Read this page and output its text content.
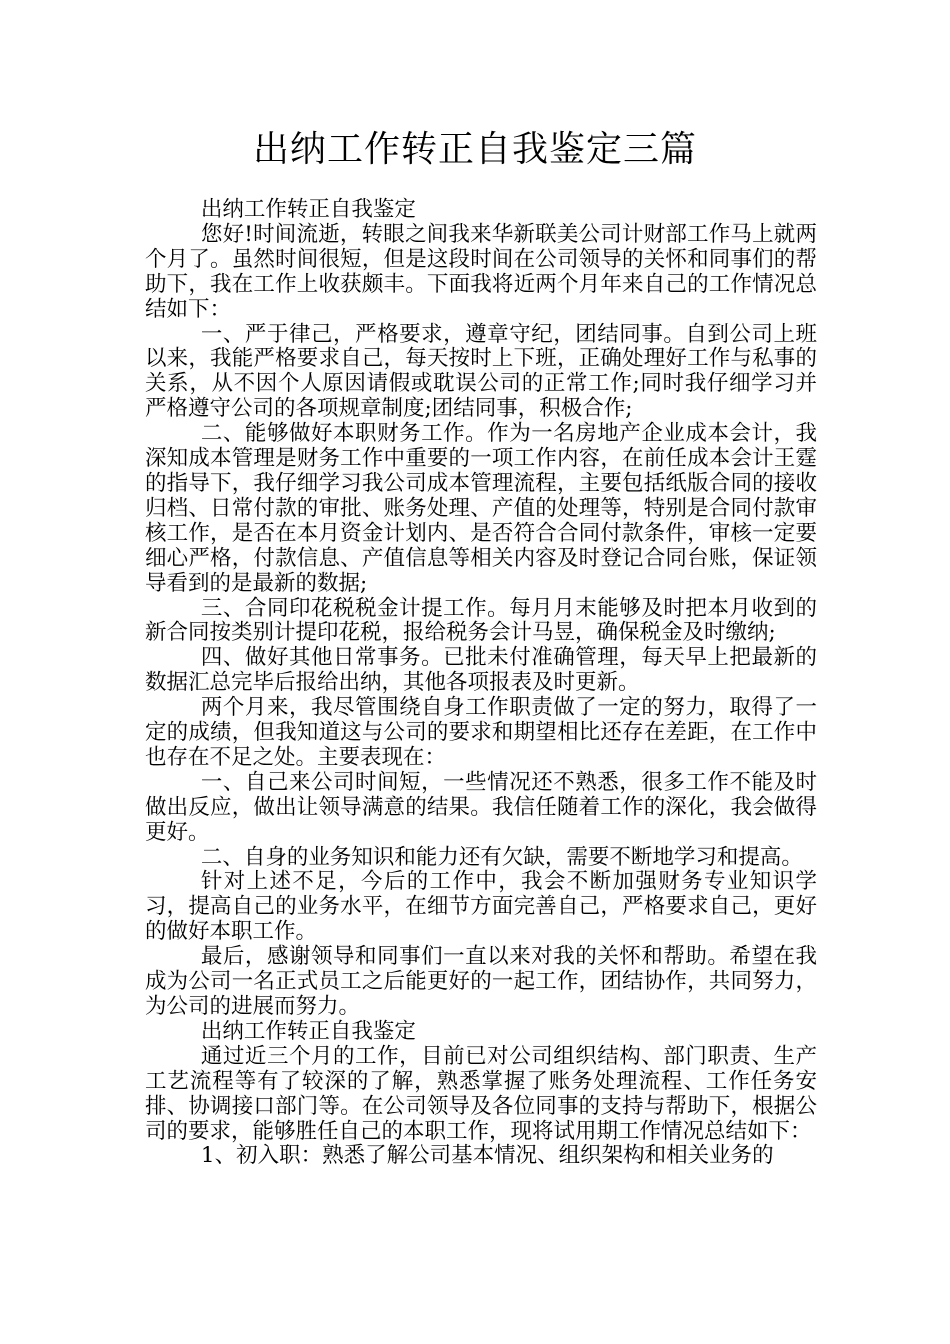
出纳工作转正自我鉴定三篇

出纳工作转正自我鉴定

您好!时间流逝，转眼之间我来华新联美公司计财部工作马上就两个月了。虽然时间很短，但是这段时间在公司领导的关怀和同事们的帮助下，我在工作上收获颇丰。下面我将近两个月年来自己的工作情况总结如下：

一、严于律己，严格要求，遵章守纪，团结同事。自到公司上班以来，我能严格要求自己，每天按时上下班，正确处理好工作与私事的关系，从不因个人原因请假或耽误公司的正常工作;同时我仔细学习并严格遵守公司的各项规章制度;团结同事，积极合作;

二、能够做好本职财务工作。作为一名房地产企业成本会计，我深知成本管理是财务工作中重要的一项工作内容，在前任成本会计王霆的指导下，我仔细学习我公司成本管理流程，主要包括纸版合同的接收归档、日常付款的审批、账务处理、产值的处理等，特别是合同付款审核工作，是否在本月资金计划内、是否符合合同付款条件，审核一定要细心严格，付款信息、产值信息等相关内容及时登记合同台账，保证领导看到的是最新的数据;

三、合同印花税税金计提工作。每月月末能够及时把本月收到的新合同按类别计提印花税，报给税务会计马昱，确保税金及时缴纳;

四、做好其他日常事务。已批未付准确管理，每天早上把最新的数据汇总完毕后报给出纳，其他各项报表及时更新。

两个月来，我尽管围绕自身工作职责做了一定的努力，取得了一定的成绩，但我知道这与公司的要求和期望相比还存在差距，在工作中也存在不足之处。主要表现在：

一、自己来公司时间短，一些情况还不熟悉，很多工作不能及时做出反应，做出让领导满意的结果。我信任随着工作的深化，我会做得更好。

二、自身的业务知识和能力还有欠缺，需要不断地学习和提高。

针对上述不足，今后的工作中，我会不断加强财务专业知识学习，提高自己的业务水平，在细节方面完善自己，严格要求自己，更好的做好本职工作。

最后，感谢领导和同事们一直以来对我的关怀和帮助。希望在我成为公司一名正式员工之后能更好的一起工作，团结协作，共同努力，为公司的进展而努力。

出纳工作转正自我鉴定

通过近三个月的工作，目前已对公司组织结构、部门职责、生产工艺流程等有了较深的了解，熟悉掌握了账务处理流程、工作任务安排、协调接口部门等。在公司领导及各位同事的支持与帮助下，根据公司的要求，能够胜任自己的本职工作，现将试用期工作情况总结如下：

1、初入职：熟悉了解公司基本情况、组织架构和相关业务的
